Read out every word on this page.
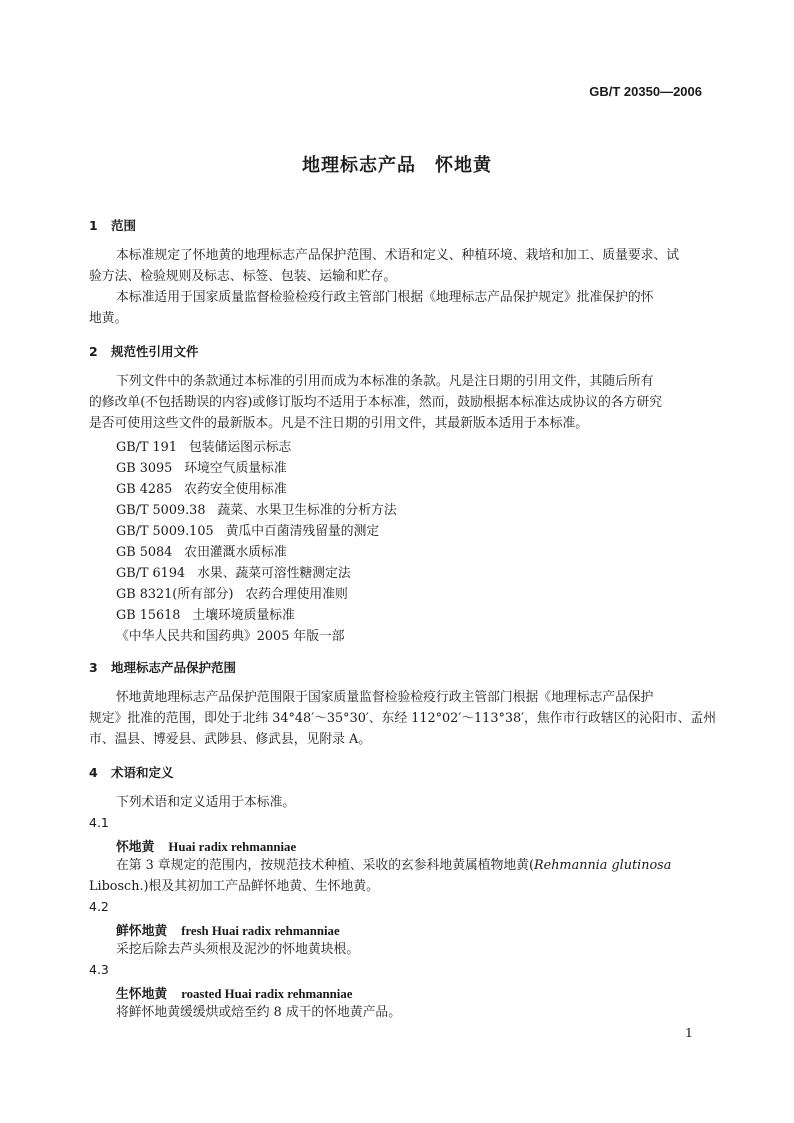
GB/T 20350—2006
地理标志产品　怀地黄
1 范围
本标准规定了怀地黄的地理标志产品保护范围、术语和定义、种植环境、栽培和加工、质量要求、试
验方法、检验规则及标志、标签、包装、运输和贮存。
本标准适用于国家质量监督检验检疫行政主管部门根据《地理标志产品保护规定》批准保护的怀
地黄。
2 规范性引用文件
下列文件中的条款通过本标准的引用而成为本标准的条款。凡是注日期的引用文件，其随后所有
的修改单(不包括勘误的内容)或修订版均不适用于本标准，然而，鼓励根据本标准达成协议的各方研究
是否可使用这些文件的最新版本。凡是不注日期的引用文件，其最新版本适用于本标准。
GB/T 191 包装储运图示标志
GB 3095 环境空气质量标准
GB 4285 农药安全使用标准
GB/T 5009.38 蔬菜、水果卫生标准的分析方法
GB/T 5009.105 黄瓜中百菌清残留量的测定
GB 5084 农田灌溉水质标准
GB/T 6194 水果、蔬菜可溶性糖测定法
GB 8321(所有部分) 农药合理使用准则
GB 15618 土壤环境质量标准
《中华人民共和国药典》2005 年版一部
3 地理标志产品保护范围
怀地黄地理标志产品保护范围限于国家质量监督检验检疫行政主管部门根据《地理标志产品保护
规定》批准的范围，即处于北纬 34°48′～35°30′、东经 112°02′～113°38′，焦作市行政辖区的沁阳市、孟州
市、温县、博爱县、武陟县、修武县，见附录 A。
4 术语和定义
下列术语和定义适用于本标准。
4.1
怀地黄 Huai radix rehmanniae
在第 3 章规定的范围内，按规范技术种植、采收的玄参科地黄属植物地黄(Rehmannia glutinosa
Libosch.)根及其初加工产品鲜怀地黄、生怀地黄。
4.2
鲜怀地黄 fresh Huai radix rehmanniae
采挖后除去芦头须根及泥沙的怀地黄块根。
4.3
生怀地黄 roasted Huai radix rehmanniae
将鲜怀地黄缓缓烘或焙至约 8 成干的怀地黄产品。
1
